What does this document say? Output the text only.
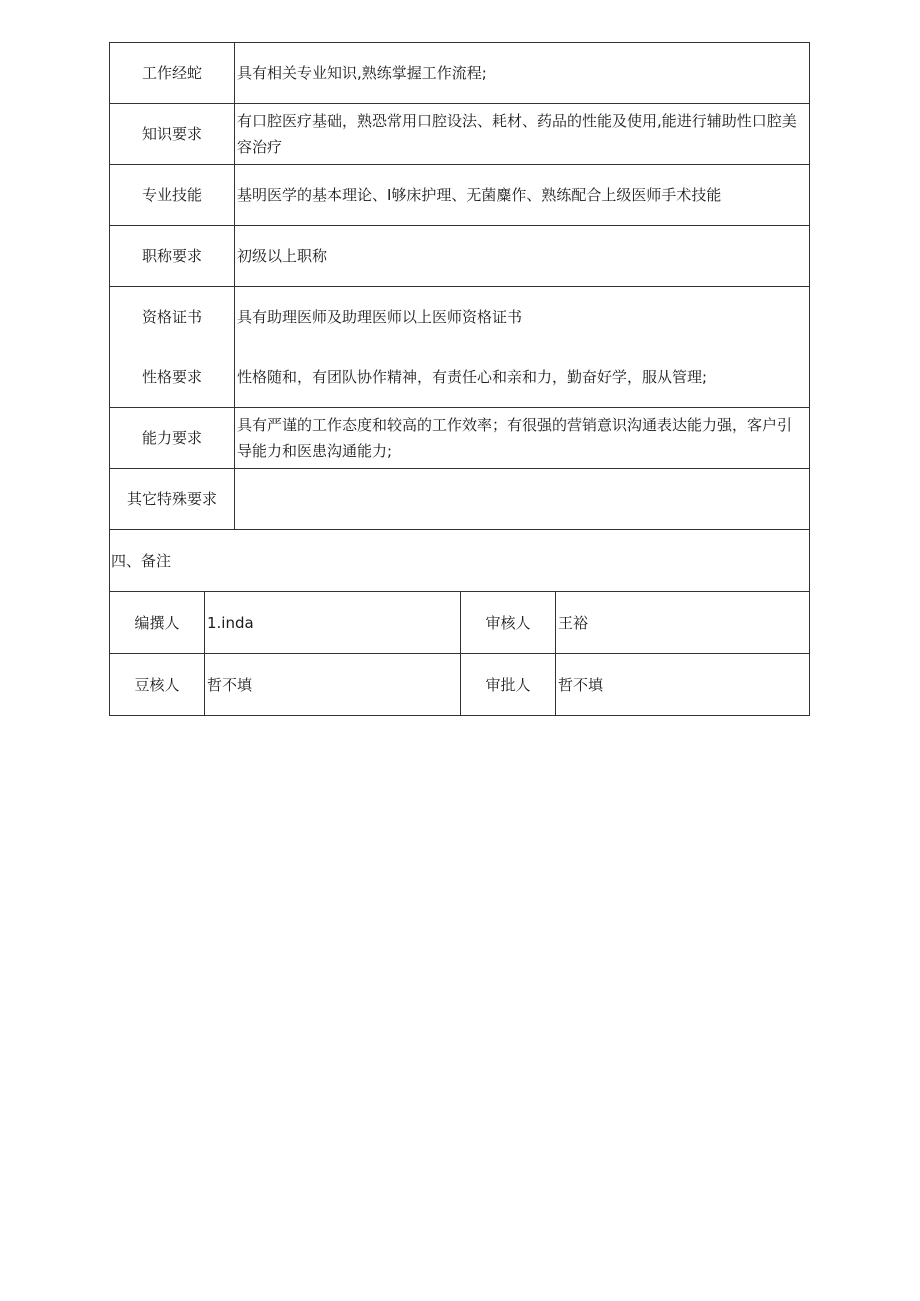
工作经蛇	具有相关专业知识,熟练掌握工作流程;
知识要求	有口腔医疗基础，熟恐常用口腔设法、耗材、药品的性能及使用,能进行辅助性口腔美容治疗
专业技能	基明医学的基本理论、I够床护理、无菌麋作、熟练配合上级医师手术技能
职称要求	初级以上职称
资格证书	具有助理医师及助理医师以上医师资格证书
性格要求	性格随和，有团队协作精神，有责任心和亲和力，勤奋好学，服从管理;
能力要求	具有严谨的工作态度和较高的工作效率；有很强的营销意识沟通表达能力强，客户引导能力和医患沟通能力;
其它特殊要求	
四、备注	
编撰人	1.inda	审核人	王裕
豆核人	哲不填	审批人	哲不填
